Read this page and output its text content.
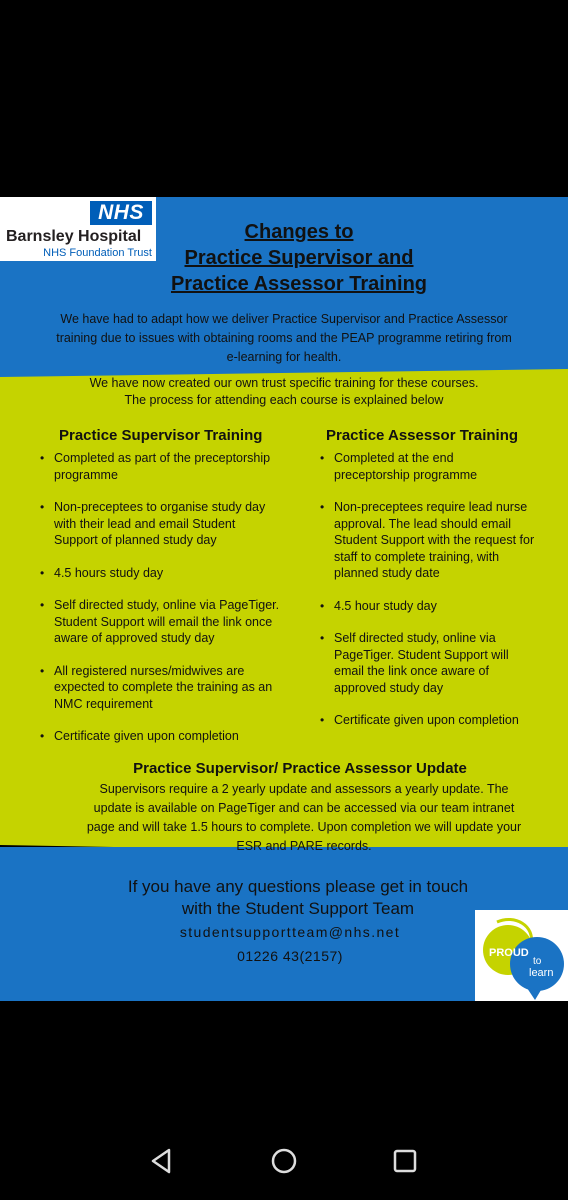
NHS
Barnsley Hospital
NHS Foundation Trust
Changes to
Practice Supervisor and
Practice Assessor Training
We have had to adapt how we deliver Practice Supervisor and Practice Assessor training due to issues with obtaining rooms and the PEAP programme retiring from e-learning for health.
We have now created our own trust specific training for these courses.
The process for attending each course is explained below
Practice Supervisor Training
• Completed as part of the preceptorship programme
• Non-preceptees to organise study day with their lead and email Student Support of planned study day
• 4.5 hours study day
• Self directed study, online via PageTiger. Student Support will email the link once aware of approved study day
• All registered nurses/midwives are expected to complete the training as an NMC requirement
• Certificate given upon completion
Practice Assessor Training
• Completed at the end preceptorship programme
• Non-preceptees require lead nurse approval. The lead should email Student Support with the request for staff to complete training, with planned study date
• 4.5 hour study day
• Self directed study, online via PageTiger. Student Support will email the link once aware of approved study day
• Certificate given upon completion
Practice Supervisor/ Practice Assessor Update
Supervisors require a 2 yearly update and assessors a yearly update. The update is available on PageTiger and can be accessed via our team intranet page and will take 1.5 hours to complete. Upon completion we will update your ESR and PARE records.
If you have any questions please get in touch
with the Student Support Team
studentsupportteam@nhs.net
01226 43(2157)	PROUD
to
learn
